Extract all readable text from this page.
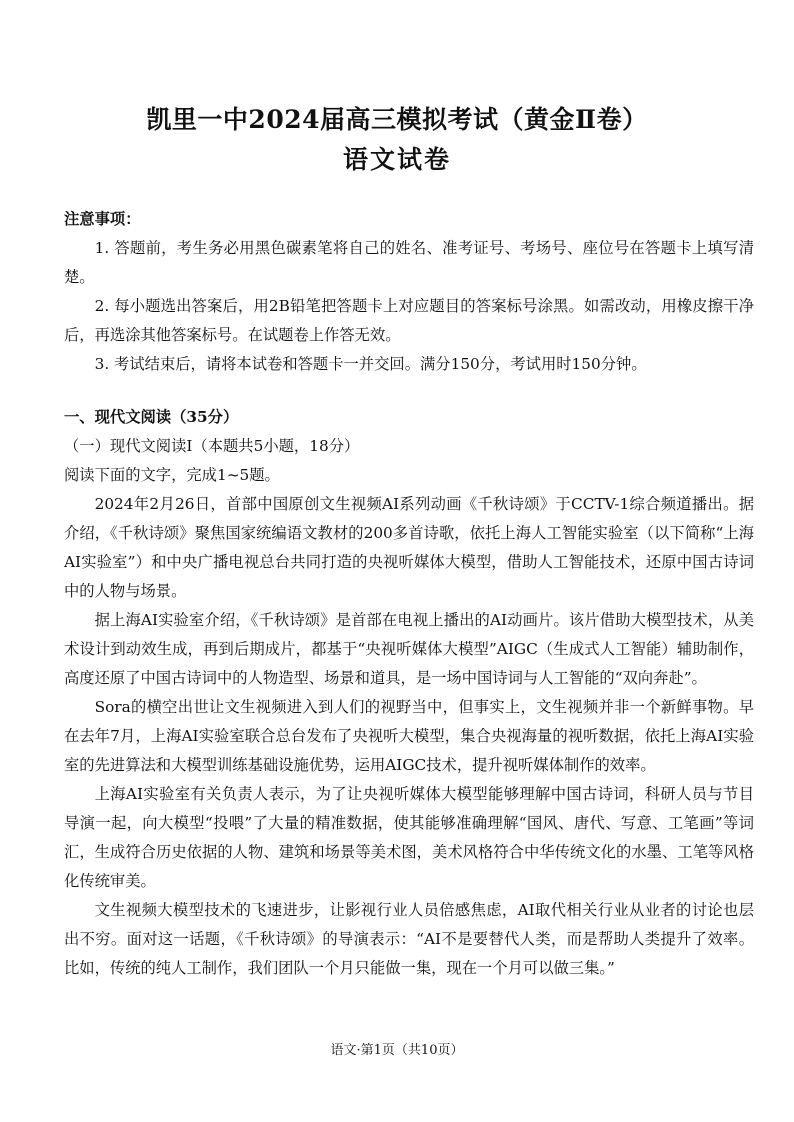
凯里一中2024届高三模拟考试（黄金Ⅱ卷）
语文试卷

注意事项：

1. 答题前，考生务必用黑色碳素笔将自己的姓名、准考证号、考场号、座位号在答题卡上填写清楚。

2. 每小题选出答案后，用2B铅笔把答题卡上对应题目的答案标号涂黑。如需改动，用橡皮擦干净后，再选涂其他答案标号。在试题卷上作答无效。

3. 考试结束后，请将本试卷和答题卡一并交回。满分150分，考试用时150分钟。

一、现代文阅读（35分）

（一）现代文阅读Ⅰ（本题共5小题，18分）

阅读下面的文字，完成1~5题。

2024年2月26日，首部中国原创文生视频AI系列动画《千秋诗颂》于CCTV-1综合频道播出。据介绍，《千秋诗颂》聚焦国家统编语文教材的200多首诗歌，依托上海人工智能实验室（以下简称“上海AI实验室”）和中央广播电视总台共同打造的央视听媒体大模型，借助人工智能技术，还原中国古诗词中的人物与场景。

据上海AI实验室介绍，《千秋诗颂》是首部在电视上播出的AI动画片。该片借助大模型技术，从美术设计到动效生成，再到后期成片，都基于“央视听媒体大模型”AIGC（生成式人工智能）辅助制作，高度还原了中国古诗词中的人物造型、场景和道具，是一场中国诗词与人工智能的“双向奔赴”。

Sora的横空出世让文生视频进入到人们的视野当中，但事实上，文生视频并非一个新鲜事物。早在去年7月，上海AI实验室联合总台发布了央视听大模型，集合央视海量的视听数据，依托上海AI实验室的先进算法和大模型训练基础设施优势，运用AIGC技术，提升视听媒体制作的效率。

上海AI实验室有关负责人表示，为了让央视听媒体大模型能够理解中国古诗词，科研人员与节目导演一起，向大模型“投喂”了大量的精准数据，使其能够准确理解“国风、唐代、写意、工笔画”等词汇，生成符合历史依据的人物、建筑和场景等美术图，美术风格符合中华传统文化的水墨、工笔等风格化传统审美。

文生视频大模型技术的飞速进步，让影视行业人员倍感焦虑，AI取代相关行业从业者的讨论也层出不穷。面对这一话题，《千秋诗颂》的导演表示：“AI不是要替代人类，而是帮助人类提升了效率。比如，传统的纯人工制作，我们团队一个月只能做一集，现在一个月可以做三集。”

语文·第1页（共10页）
